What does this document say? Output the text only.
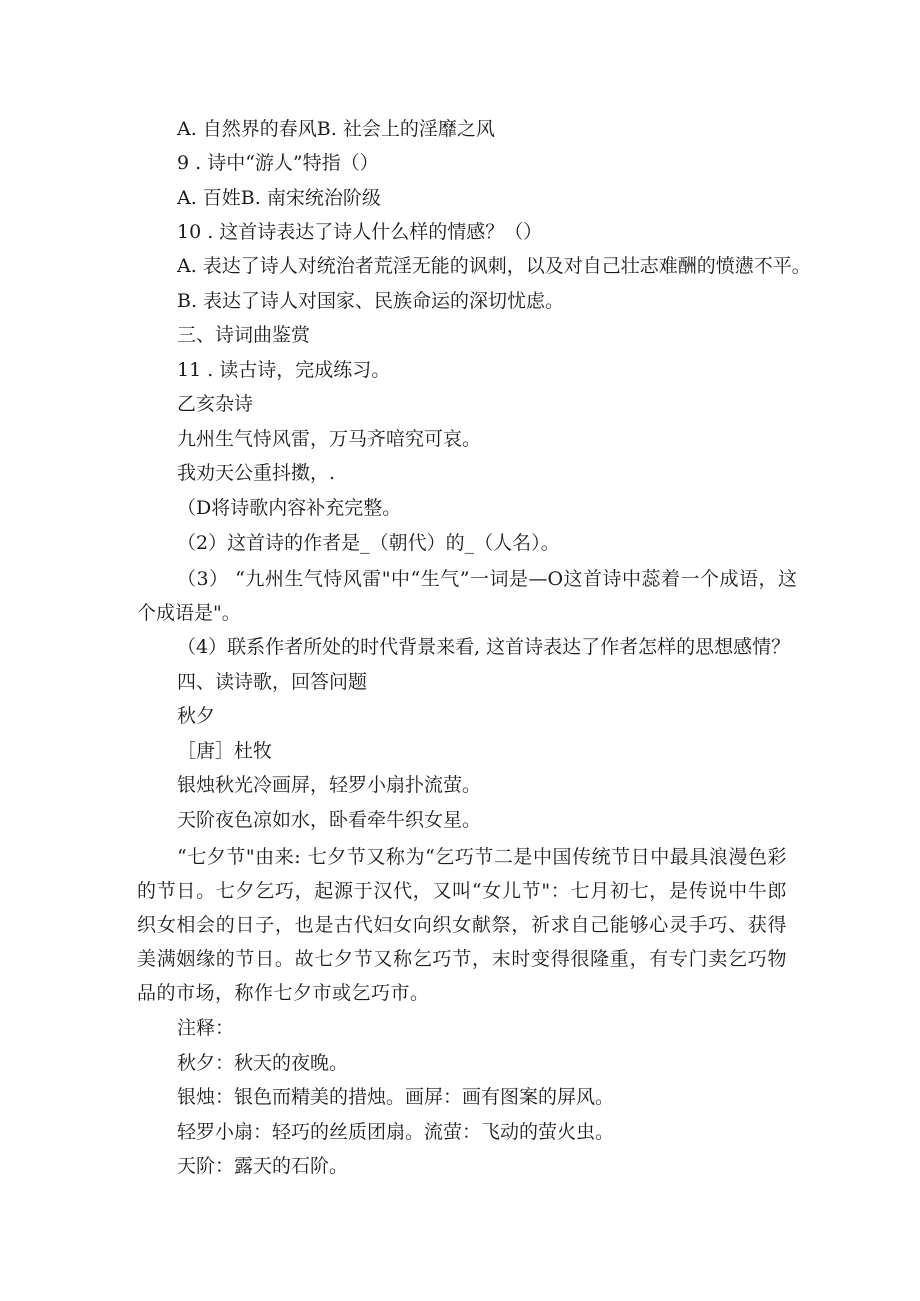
A. 自然界的春风B. 社会上的淫靡之风
9 . 诗中“游人”特指（）
A. 百姓B. 南宋统治阶级
10 . 这首诗表达了诗人什么样的情感？（）
A. 表达了诗人对统治者荒淫无能的讽刺，以及对自己壮志难酬的愤懑不平。
B. 表达了诗人对国家、民族命运的深切忧虑。
三、诗词曲鉴赏
11 . 读古诗，完成练习。
乙亥杂诗
九州生气恃风雷，万马齐喑究可哀。
我劝天公重抖擞，.
（D将诗歌内容补充完整。
（2）这首诗的作者是_（朝代）的_（人名）。
（3） “九州生气恃风雷"中“生气”一词是—O这首诗中蕊着一个成语，这个成语是"。
（4）联系作者所处的时代背景来看, 这首诗表达了作者怎样的思想感情？
四、读诗歌，回答问题
秋夕
［唐］杜牧
银烛秋光冷画屏，轻罗小扇扑流萤。
天阶夜色凉如水，卧看牵牛织女星。
“七夕节"由来: 七夕节又称为“乞巧节二是中国传统节日中最具浪漫色彩的节日。七夕乞巧，起源于汉代，又叫“女儿节"：七月初七，是传说中牛郎织女相会的日子，也是古代妇女向织女献祭，祈求自己能够心灵手巧、获得美满姻缘的节日。故七夕节又称乞巧节，末时变得很隆重，有专门卖乞巧物品的市场，称作七夕市或乞巧市。
注释：
秋夕：秋天的夜晚。
银烛：银色而精美的措烛。画屏：画有图案的屏风。
轻罗小扇：轻巧的丝质团扇。流萤：飞动的萤火虫。
天阶：露天的石阶。
